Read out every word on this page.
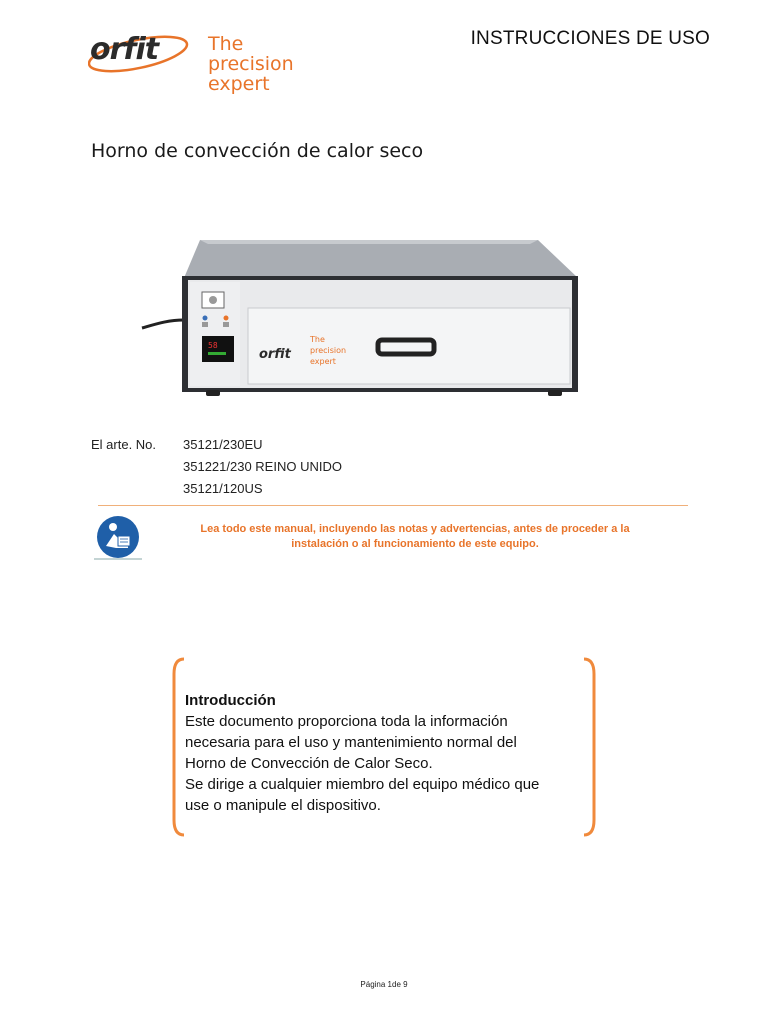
orfit	The
precision
expert
INSTRUCCIONES DE USO
Horno de convección de calor seco
58
orfit
The
precision
expert
El arte. No. 35121/230EU
351221/230 REINO UNIDO
35121/120US
Lea todo este manual, incluyendo las notas y advertencias, antes de proceder a la
instalación o al funcionamiento de este equipo.
Introducción
Este documento proporciona toda la información
necesaria para el uso y mantenimiento normal del
Horno de Convección de Calor Seco.
Se dirige a cualquier miembro del equipo médico que
use o manipule el dispositivo.
Página 1de 9
